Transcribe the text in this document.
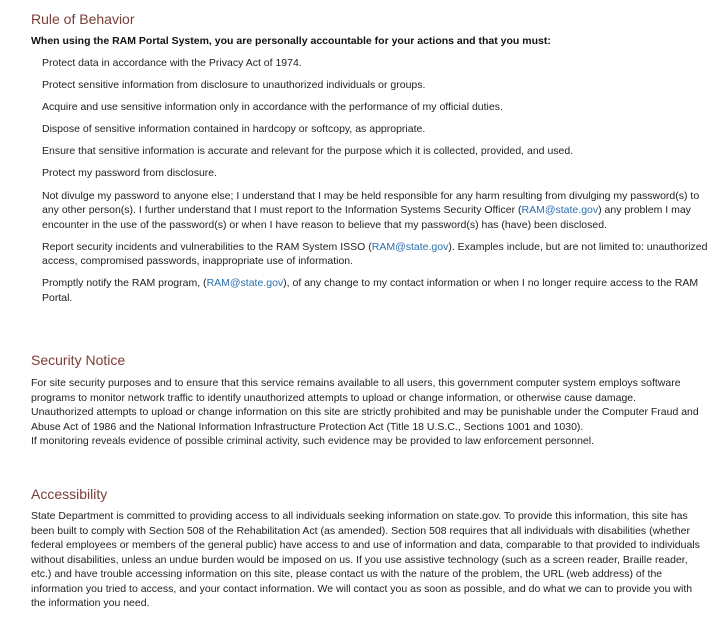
Rule of Behavior

When using the RAM Portal System, you are personally accountable for your actions and that you must:

Protect data in accordance with the Privacy Act of 1974.
Protect sensitive information from disclosure to unauthorized individuals or groups.
Acquire and use sensitive information only in accordance with the performance of my official duties.
Dispose of sensitive information contained in hardcopy or softcopy, as appropriate.
Ensure that sensitive information is accurate and relevant for the purpose which it is collected, provided, and used.
Protect my password from disclosure.
Not divulge my password to anyone else; I understand that I may be held responsible for any harm resulting from divulging my password(s) to any other person(s). I further understand that I must report to the Information Systems Security Officer (RAM@state.gov) any problem I may encounter in the use of the password(s) or when I have reason to believe that my password(s) has (have) been disclosed.
Report security incidents and vulnerabilities to the RAM System ISSO (RAM@state.gov). Examples include, but are not limited to: unauthorized access, compromised passwords, inappropriate use of information.
Promptly notify the RAM program, (RAM@state.gov), of any change to my contact information or when I no longer require access to the RAM Portal.
Security Notice
For site security purposes and to ensure that this service remains available to all users, this government computer system employs software programs to monitor network traffic to identify unauthorized attempts to upload or change information, or otherwise cause damage. Unauthorized attempts to upload or change information on this site are strictly prohibited and may be punishable under the Computer Fraud and Abuse Act of 1986 and the National Information Infrastructure Protection Act (Title 18 U.S.C., Sections 1001 and 1030).
If monitoring reveals evidence of possible criminal activity, such evidence may be provided to law enforcement personnel.
Accessibility

State Department is committed to providing access to all individuals seeking information on state.gov. To provide this information, this site has been built to comply with Section 508 of the Rehabilitation Act (as amended). Section 508 requires that all individuals with disabilities (whether federal employees or members of the general public) have access to and use of information and data, comparable to that provided to individuals without disabilities, unless an undue burden would be imposed on us. If you use assistive technology (such as a screen reader, Braille reader, etc.) and have trouble accessing information on this site, please contact us with the nature of the problem, the URL (web address) of the information you tried to access, and your contact information. We will contact you as soon as possible, and do what we can to provide you with the information you need.
